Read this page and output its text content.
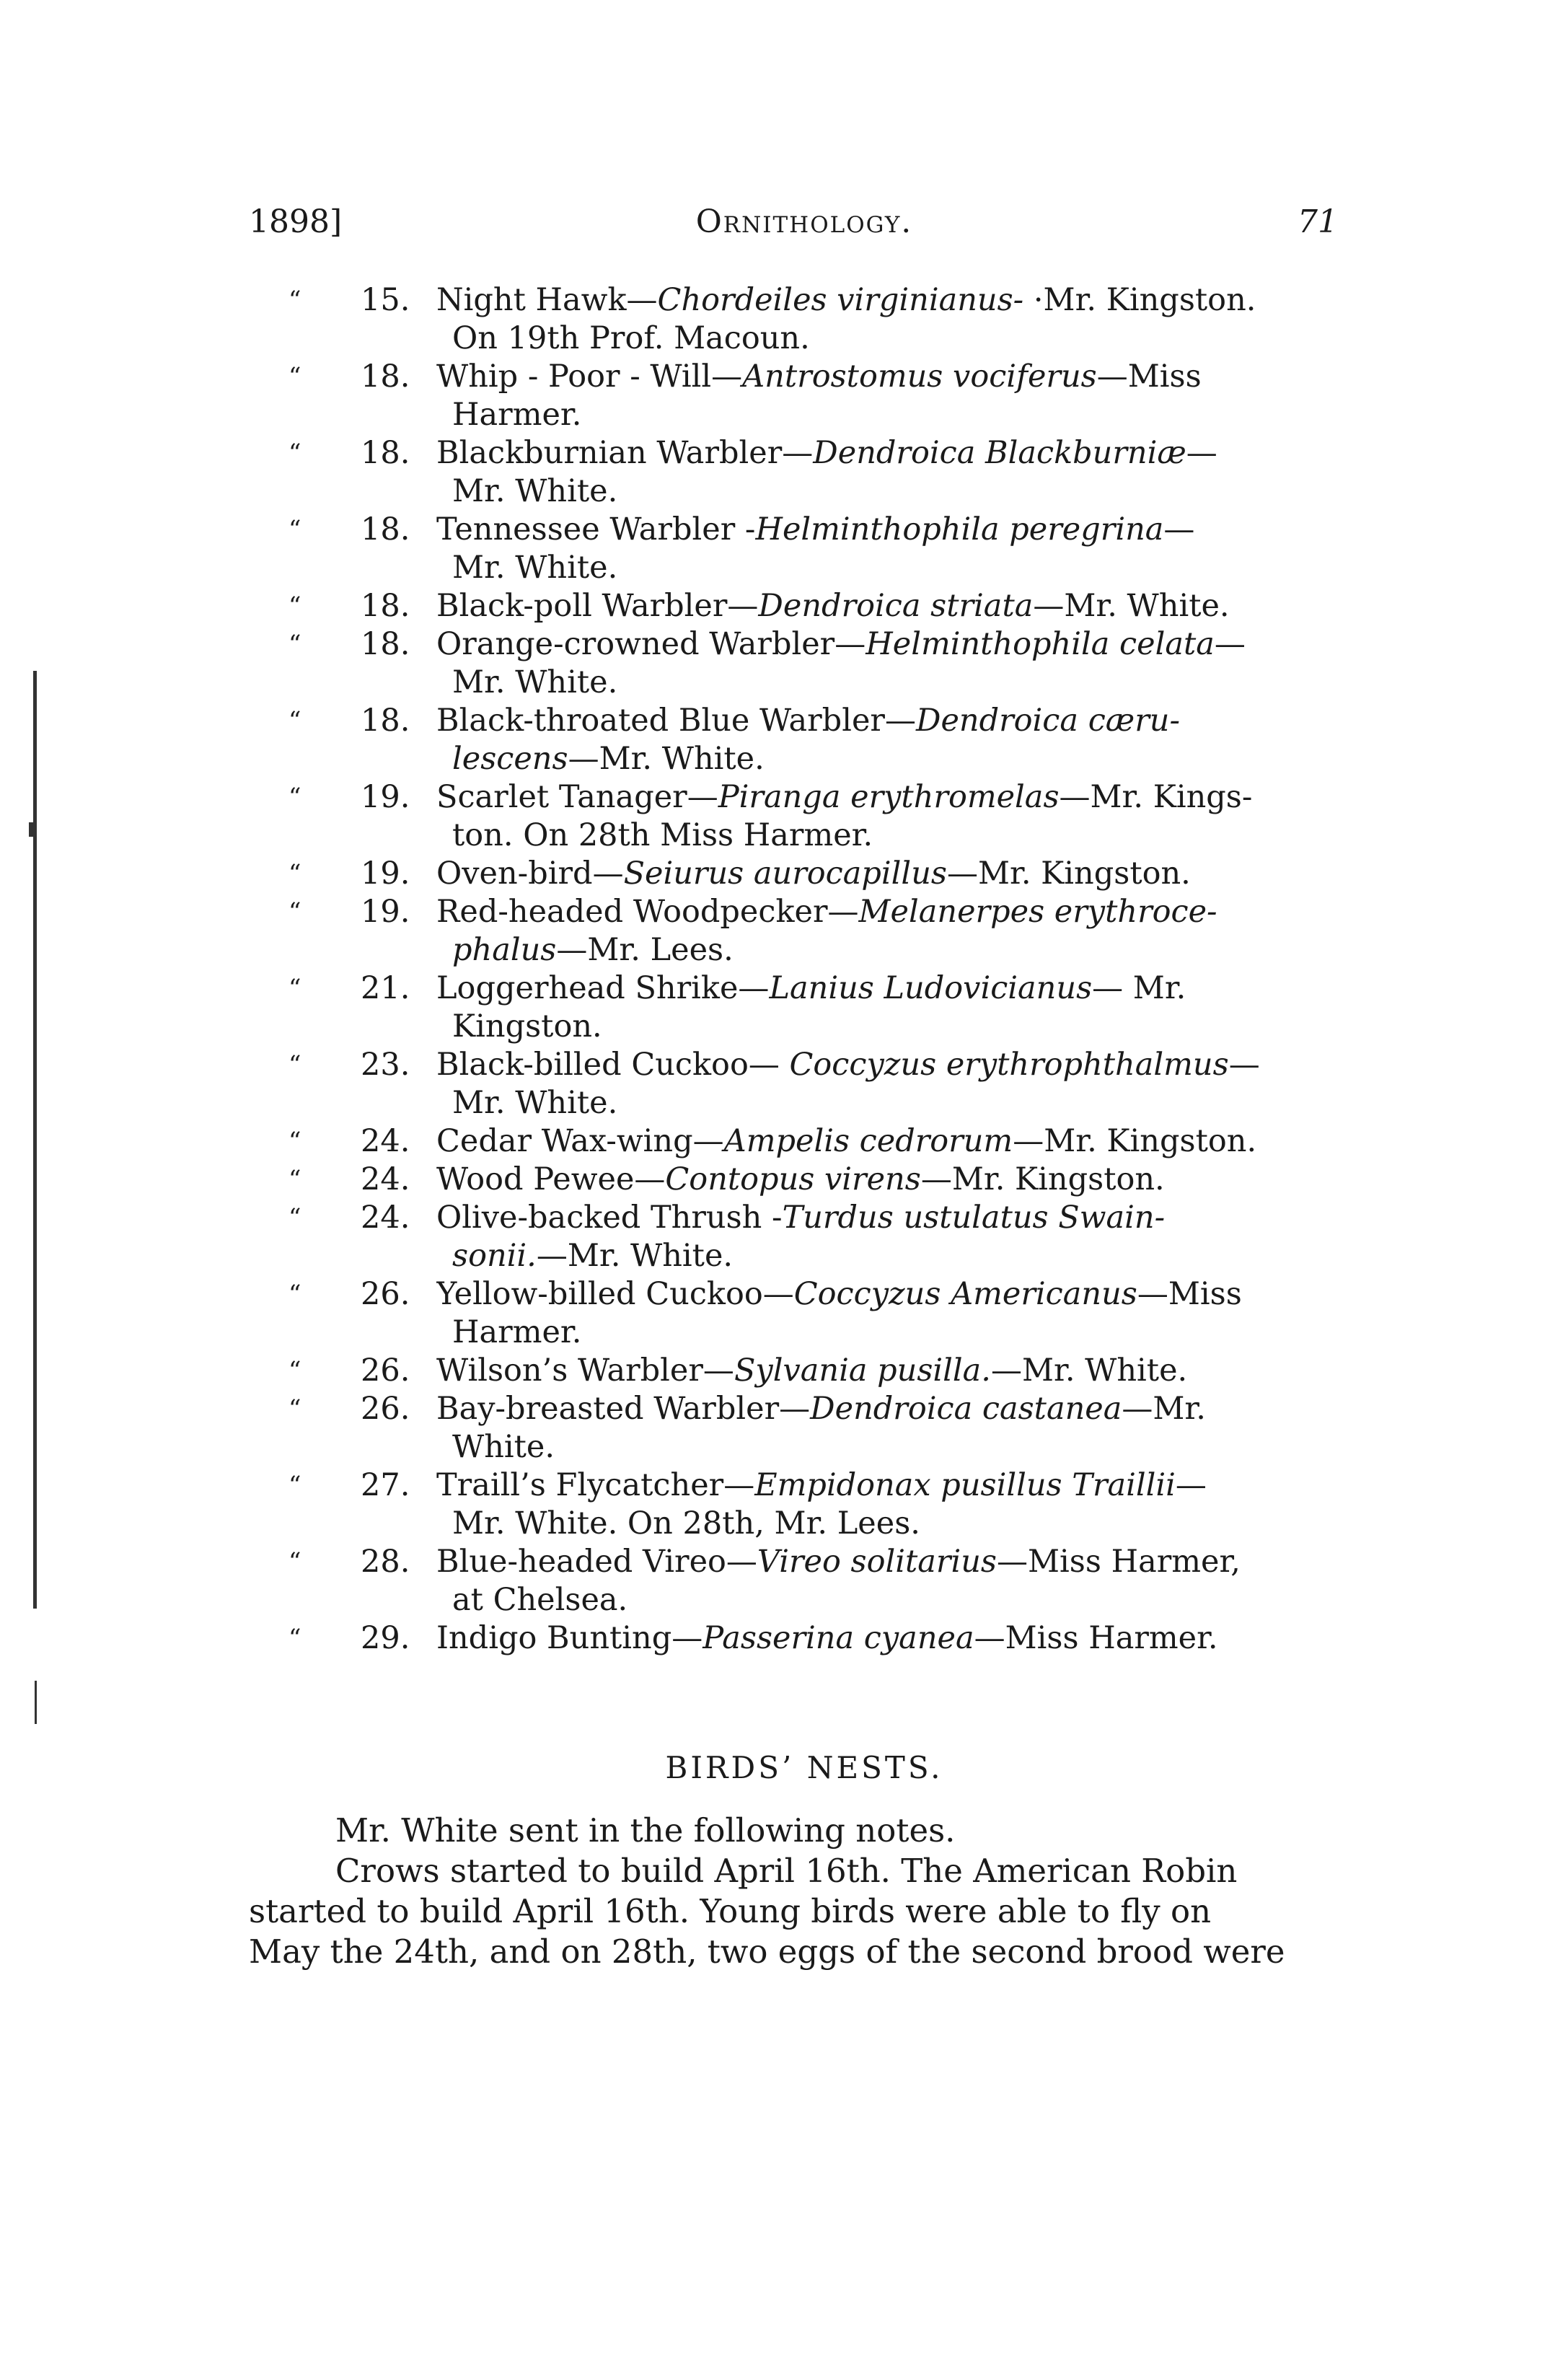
1898]	Ornithology.	71
“ 15. Night Hawk—Chordeiles virginianus- ·Mr. Kingston.
On 19th Prof. Macoun.
“ 18. Whip - Poor - Will—Antrostomus vociferus—Miss
Harmer.
“ 18. Blackburnian Warbler—Dendroica Blackburniæ—
Mr. White.
“ 18. Tennessee Warbler -Helminthophila peregrina—
Mr. White.
“ 18. Black-poll Warbler—Dendroica striata—Mr. White.
“ 18. Orange-crowned Warbler—Helminthophila celata—
Mr. White.
“ 18. Black-throated Blue Warbler—Dendroica cæru-
lescens—Mr. White.
“ 19. Scarlet Tanager—Piranga erythromelas—Mr. Kings-
ton. On 28th Miss Harmer.
“ 19. Oven-bird—Seiurus aurocapillus—Mr. Kingston.
“ 19. Red-headed Woodpecker—Melanerpes erythroce-
phalus—Mr. Lees.
“ 21. Loggerhead Shrike—Lanius Ludovicianus— Mr.
Kingston.
“ 23. Black-billed Cuckoo— Coccyzus erythrophthalmus—
Mr. White.
“ 24. Cedar Wax-wing—Ampelis cedrorum—Mr. Kingston.
“ 24. Wood Pewee—Contopus virens—Mr. Kingston.
“ 24. Olive-backed Thrush -Turdus ustulatus Swain-
sonii.—Mr. White.
“ 26. Yellow-billed Cuckoo—Coccyzus Americanus—Miss
Harmer.
“ 26. Wilson’s Warbler—Sylvania pusilla.—Mr. White.
“ 26. Bay-breasted Warbler—Dendroica castanea—Mr.
White.
“ 27. Traill’s Flycatcher—Empidonax pusillus Traillii—
Mr. White. On 28th, Mr. Lees.
“ 28. Blue-headed Vireo—Vireo solitarius—Miss Harmer,
at Chelsea.
“ 29. Indigo Bunting—Passerina cyanea—Miss Harmer.
BIRDS’ NESTS.
Mr. White sent in the following notes.
Crows started to build April 16th. The American Robin
started to build April 16th. Young birds were able to fly on
May the 24th, and on 28th, two eggs of the second brood were
